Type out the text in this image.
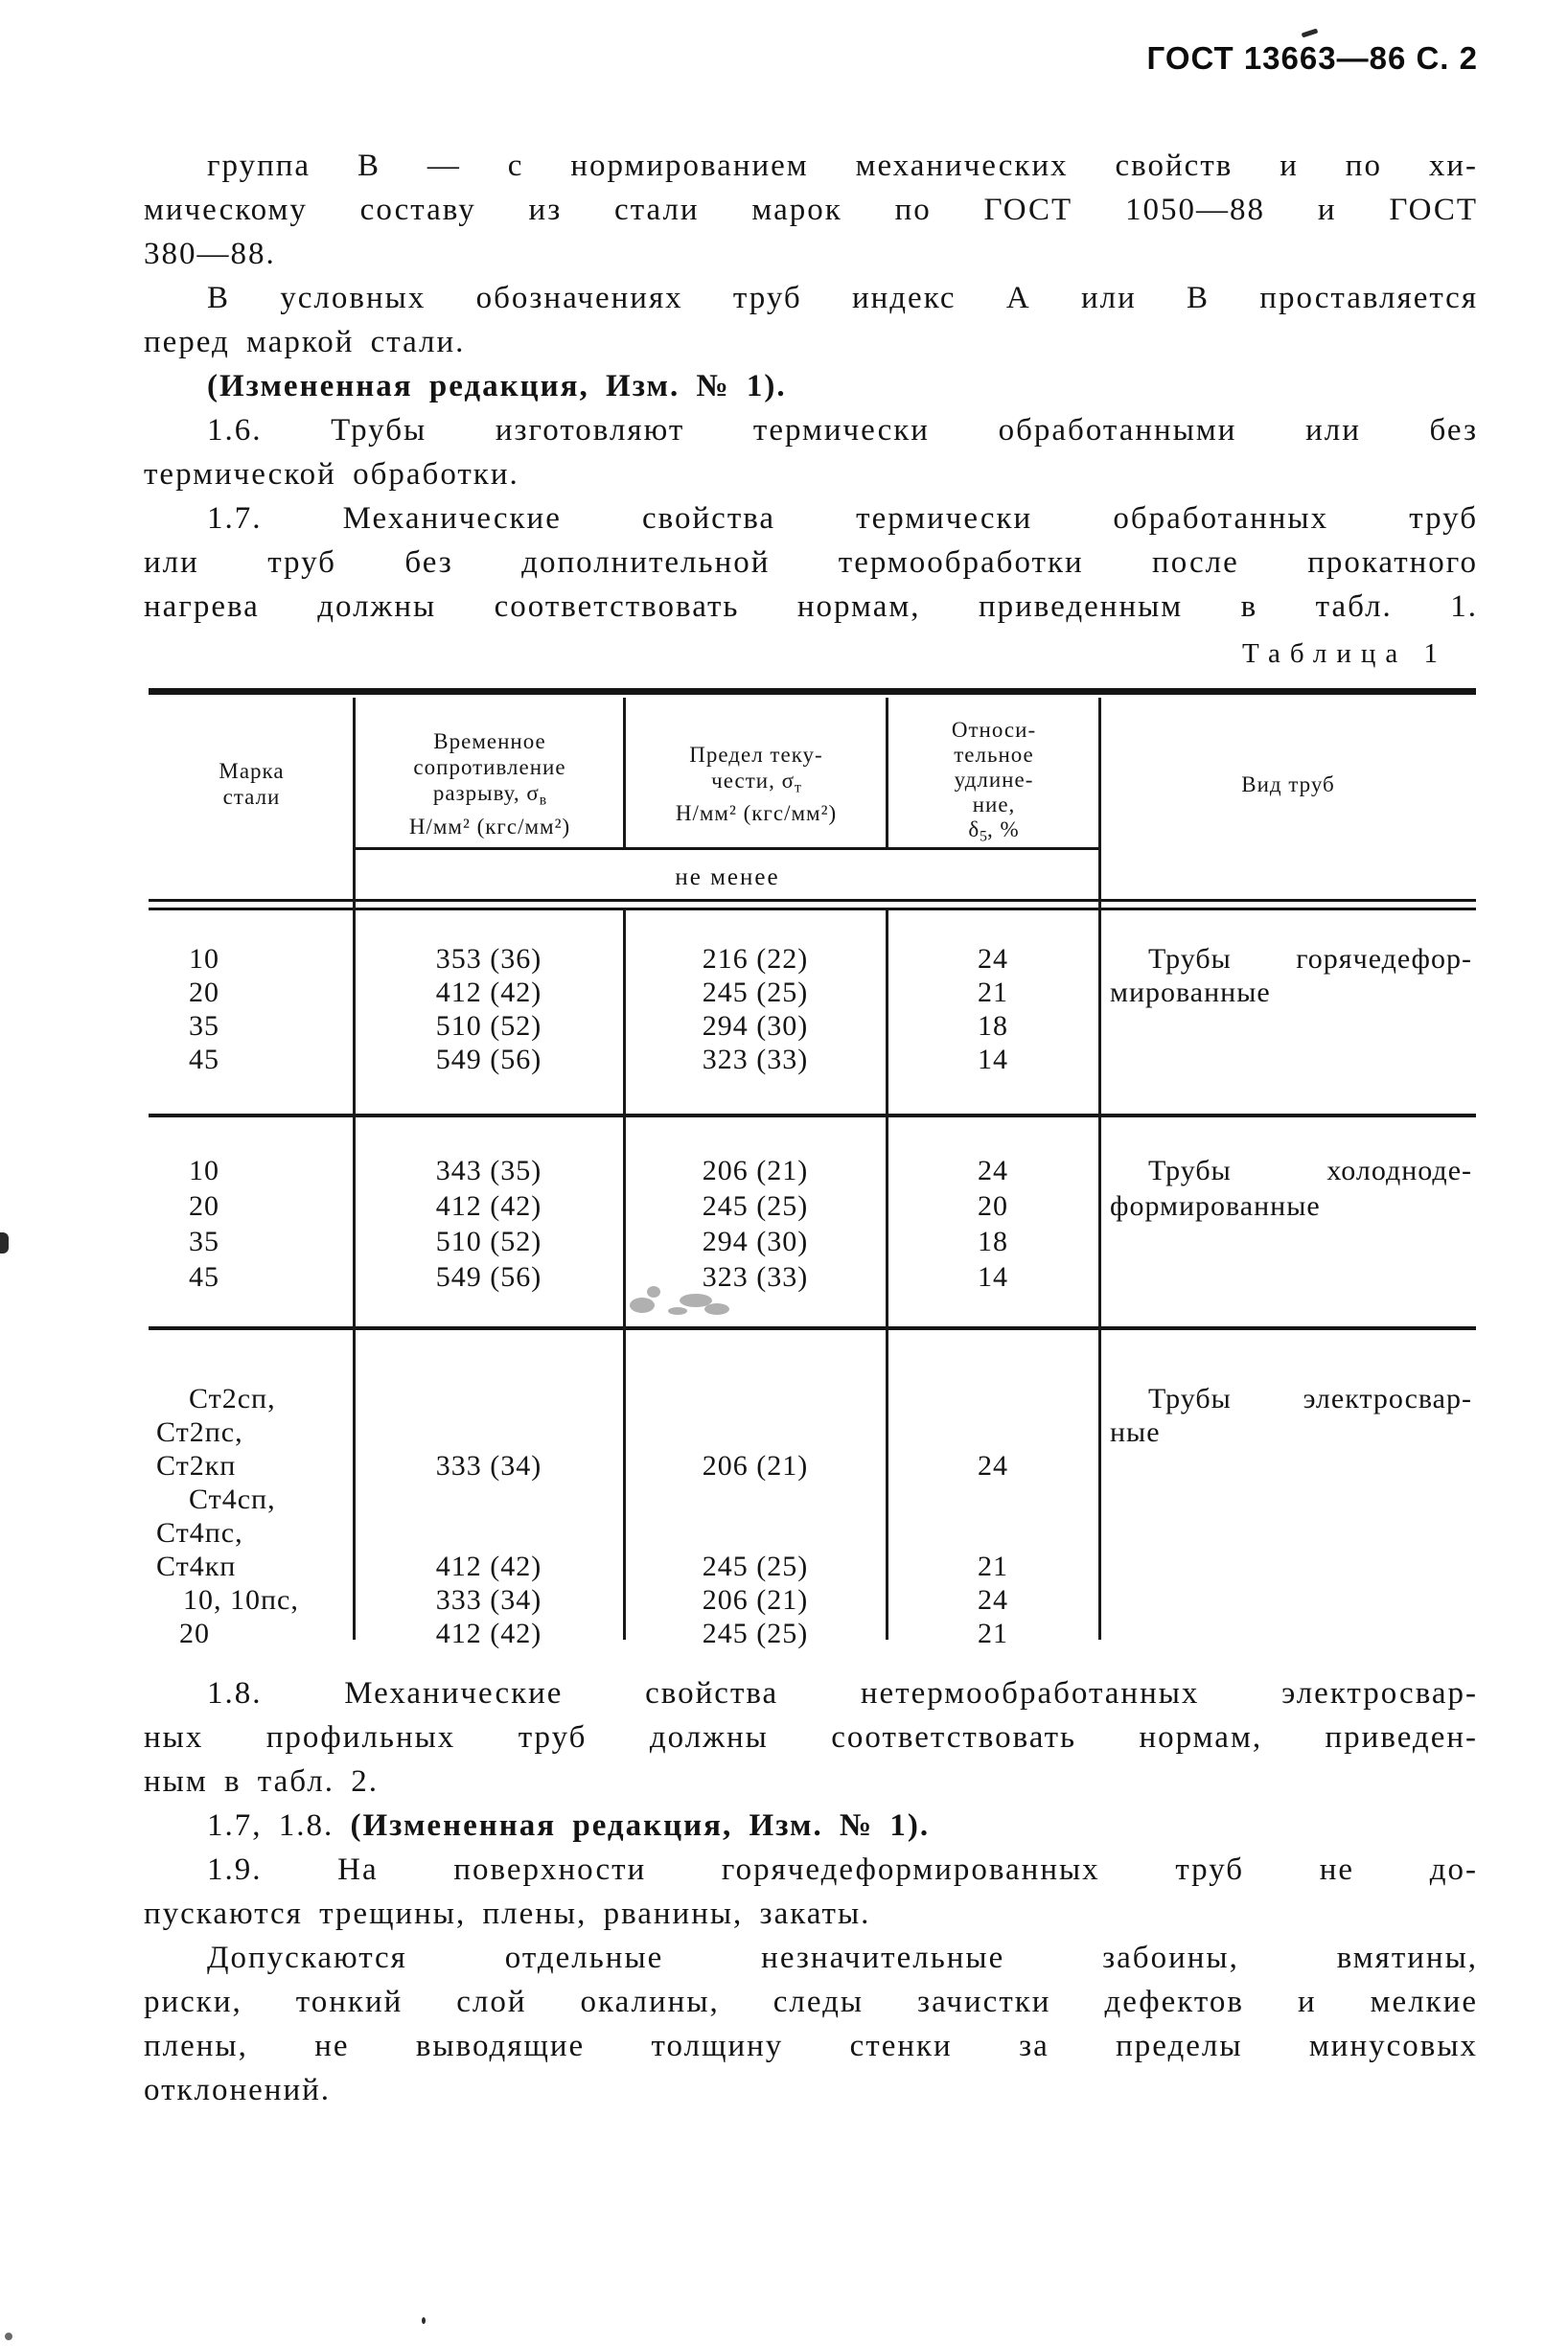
ГОСТ 13663—86 С. 2
группа В — с нормированием механических свойств и по хи-
мическому составу из стали марок по ГОСТ 1050—88 и ГОСТ
380—88.
В условных обозначениях труб индекс А или В проставляется
перед маркой стали.
(Измененная редакция, Изм. № 1).
1.6. Трубы изготовляют термически обработанными или без
термической обработки.
1.7. Механические свойства термически обработанных труб
или труб без дополнительной термообработки после прокатного
нагрева должны соответствовать нормам, приведенным в табл. 1.
Таблица 1
Марка
стали
Временное
сопротивление
разрыву, $\sigma_в$
Н/мм² (кгс/мм²)
Предел теку-
чести, $\sigma_т$
Н/мм² (кгс/мм²)
Относи-
тельное
удлине-
ние,
$\delta_5$, %
Вид труб
не менее
10
20
35
45
353 (36)
412 (42)
510 (52)
549 (56)
216 (22)
245 (25)
294 (30)
323 (33)
24
21
18
14
Трубы горячедефор-
мированные
10
20
35
45
343 (35)
412 (42)
510 (52)
549 (56)
206 (21)
245 (25)
294 (30)
323 (33)
24
20
18
14
Трубы холодноде-
формированные
Ст2сп,
Ст2пс,
Ст2кп
Ст4сп,
Ст4пс,
Ст4кп
10, 10пс,
20
333 (34)
412 (42)
333 (34)
412 (42)
206 (21)
245 (25)
206 (21)
245 (25)
24
21
24
21
Трубы электросвар-
ные
1.8. Механические свойства нетермообработанных электросвар-
ных профильных труб должны соответствовать нормам, приведен-
ным в табл. 2.
1.7, 1.8. (Измененная редакция, Изм. № 1).
1.9. На поверхности горячедеформированных труб не до-
пускаются трещины, плены, рванины, закаты.
Допускаются отдельные незначительные забоины, вмятины,
риски, тонкий слой окалины, следы зачистки дефектов и мелкие
плены, не выводящие толщину стенки за пределы минусовых
отклонений.
